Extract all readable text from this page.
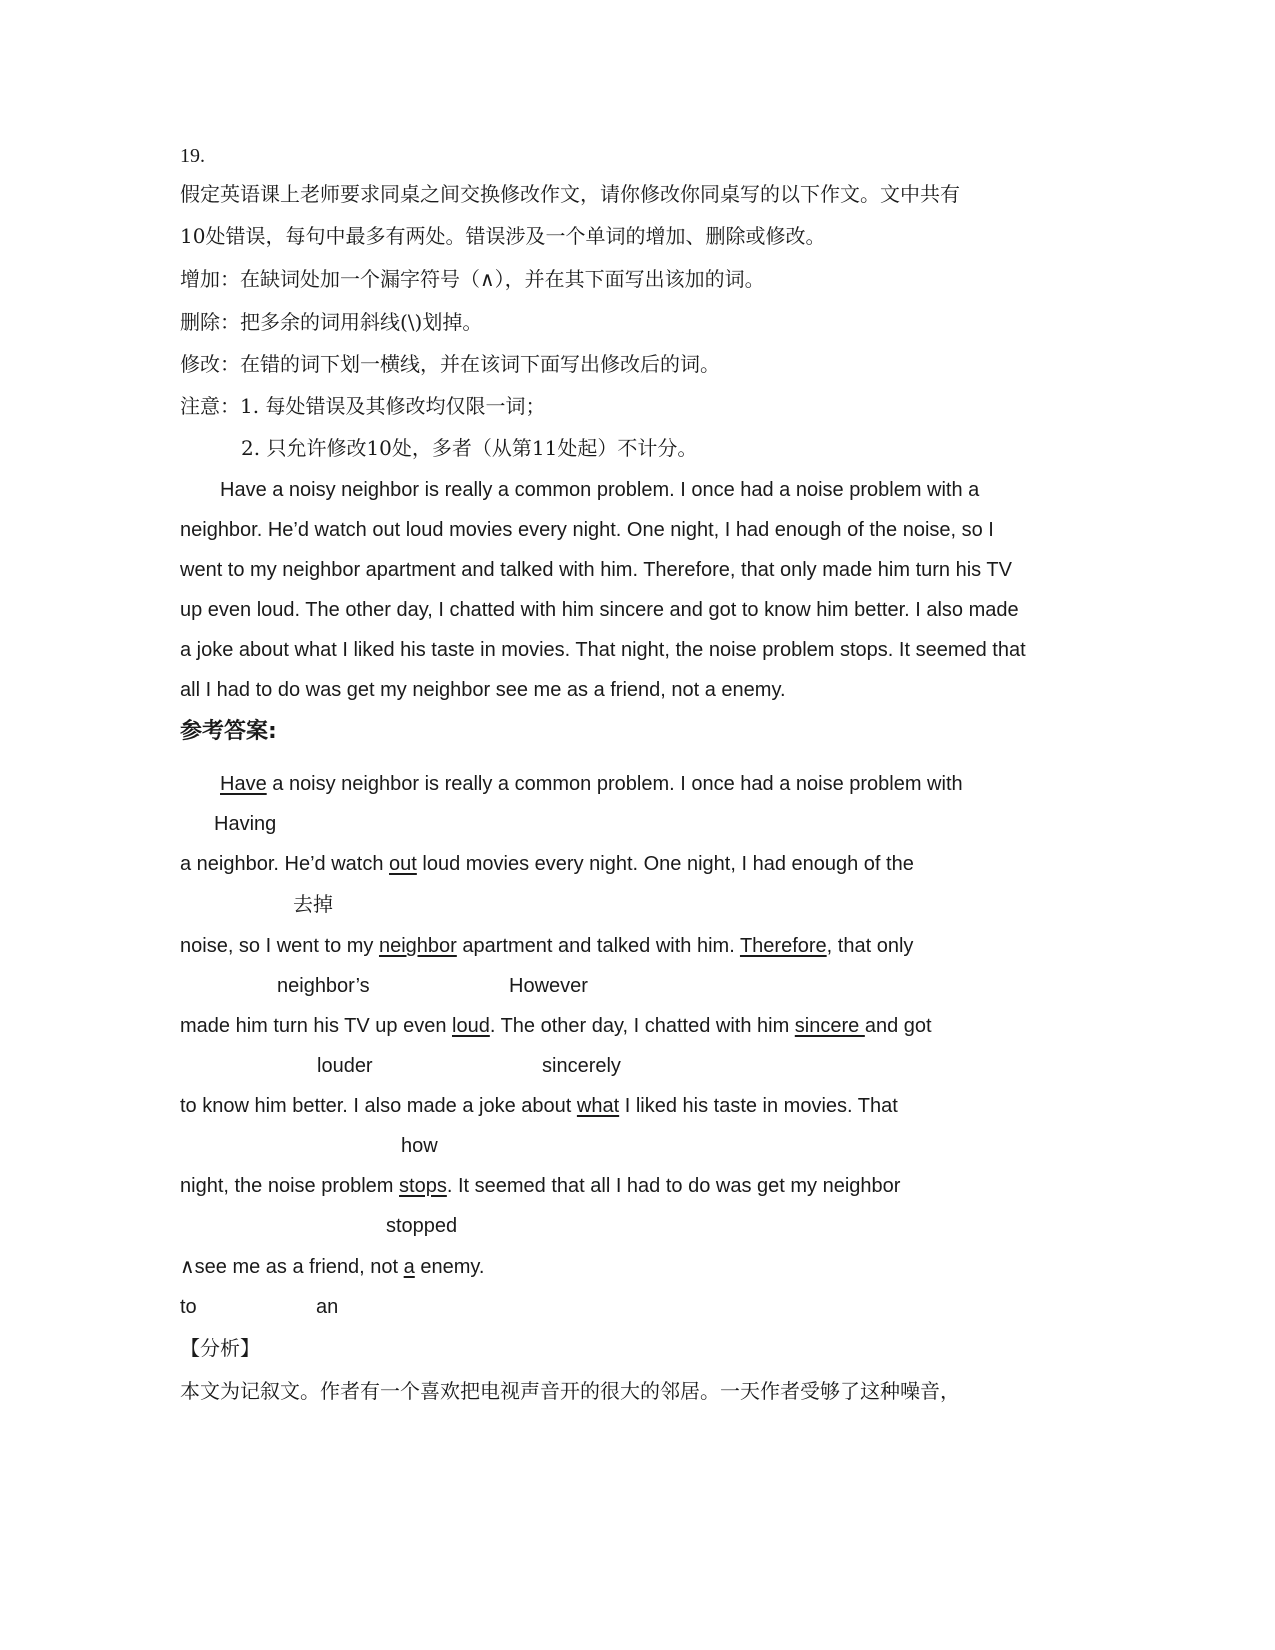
19.
假定英语课上老师要求同桌之间交换修改作文，请你修改你同桌写的以下作文。文中共有
10处错误，每句中最多有两处。错误涉及一个单词的增加、删除或修改。
增加：在缺词处加一个漏字符号（∧），并在其下面写出该加的词。
删除：把多余的词用斜线(\)划掉。
修改：在错的词下划一横线，并在该词下面写出修改后的词。
注意：1. 每处错误及其修改均仅限一词；
2. 只允许修改10处，多者（从第11处起）不计分。
Have a noisy neighbor is really a common problem. I once had a noise problem with a
neighbor. He’d watch out loud movies every night. One night, I had enough of the noise, so I
went to my neighbor apartment and talked with him. Therefore, that only made him turn his TV
up even loud. The other day, I chatted with him sincere and got to know him better. I also made
a joke about what I liked his taste in movies. That night, the noise problem stops. It seemed that
all I had to do was get my neighbor see me as a friend, not a enemy.
参考答案:
Have a noisy neighbor is really a common problem. I once had a noise problem with
Having
a neighbor. He’d watch out loud movies every night. One night, I had enough of the
去掉
noise, so I went to my neighbor apartment and talked with him. Therefore, that only
neighbor’s	However
made him turn his TV up even loud. The other day, I chatted with him sincere and got
louder	sincerely
to know him better. I also made a joke about what I liked his taste in movies. That
how
night, the noise problem stops. It seemed that all I had to do was get my neighbor
stopped
∧see me as a friend, not a enemy.
to	an
【分析】
本文为记叙文。作者有一个喜欢把电视声音开的很大的邻居。一天作者受够了这种噪音，
